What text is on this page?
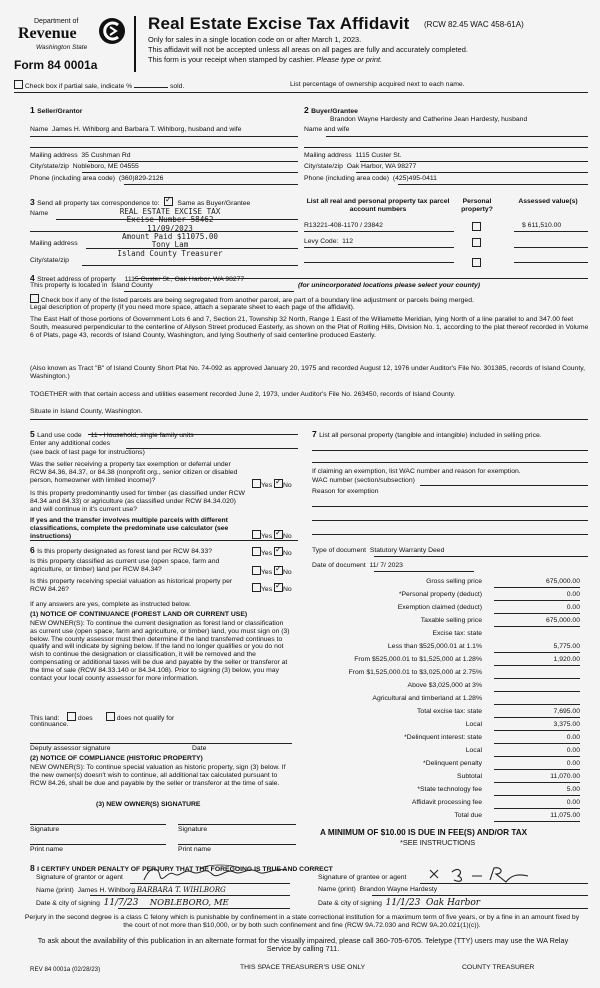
Department of
Revenue
Washington State
Form 84 0001a
Real Estate Excise Tax Affidavit (RCW 82.45 WAC 458-61A)
Only for sales in a single location code on or after March 1, 2023.
This affidavit will not be accepted unless all areas on all pages are fully and accurately completed.
This form is your receipt when stamped by cashier. Please type or print.
Check box if partial sale, indicate %	sold.	List percentage of ownership acquired next to each name.
1 Seller/Grantor
Name James H. Wihlborg and Barbara T. Wihlborg, husband and wife
Mailing address 35 Cushman Rd
City/state/zip Nobleboro, ME 04555
Phone (including area code) (360)829-2126
2 Buyer/Grantee
Brandon Wayne Hardesty and Catherine Jean Hardesty, husband
Name and wife
Mailing address 1115 Custer St.
City/state/zip Oak Harbor, WA 98277
Phone (including area code) (425)495-0411
3 Send all property tax correspondence to: ✓	Same as Buyer/Grantee
Name
Mailing address
City/state/zip
REAL ESTATE EXCISE TAX
Excise Number 58462
11/09/2023
Amount Paid $11075.00
Tony Lam
Island County Treasurer
List all real and personal property tax parcel account numbers
Personal property?
Assessed value(s)
R13221-408-1170 / 23842	$ 611,510.00
Levy Code: 112
4 Street address of property 1115 Custer St., Oak Harbor, WA 98277
This property is located in Island County	(for unincorporated locations please select your county)
Check box if any of the listed parcels are being segregated from another parcel, are part of a boundary line adjustment or parcels being merged.
Legal description of property (if you need more space, attach a separate sheet to each page of the affidavit).
The East Half of those portions of Government Lots 6 and 7, Section 21, Township 32 North, Range 1 East of the Willamette Meridian, lying North of a line parallel to and 347.00 feet South, measured perpendicular to the centerline of Allyson Street produced Easterly, as shown on the Plat of Rolling Hills, Division No. 1, according to the plat thereof recorded in Volume 6 of Plats, page 43, records of Island County, Washington, and lying Southerly of said centerline produced Easterly.
(Also known as Tract "B" of Island County Short Plat No. 74-092 as approved January 20, 1975 and recorded August 12, 1976 under Auditor's File No. 301385, records of Island County, Washington.)
TOGETHER with that certain access and utilities easement recorded June 2, 1973, under Auditor's File No. 263450, records of Island County.
Situate in Island County, Washington.
5 Land use code 11 - Household, single family units
Enter any additional codes
(see back of last page for instructions)
Was the seller receiving a property tax exemption or deferral under RCW 84.36, 84.37, or 84.38 (nonprofit org., senior citizen or disabled person, homeowner with limited income)?
Yes ✓ No
Is this property predominantly used for timber (as classified under RCW 84.34 and 84.33) or agriculture (as classified under RCW 84.34.020) and will continue in it's current use?
If yes and the transfer involves multiple parcels with different classifications, complete the predominate use calculator (see instructions)	Yes ✓ No
7 List all personal property (tangible and intangible) included in selling price.
If claiming an exemption, list WAC number and reason for exemption.
WAC number (section/subsection)
Reason for exemption
6 Is this property designated as forest land per RCW 84.33?	Yes ✓ No
Is this property classified as current use (open space, farm and agriculture, or timber) land per RCW 84.34?	Yes ✓ No
Is this property receiving special valuation as historical property per RCW 84.26?	Yes ✓ No
If any answers are yes, complete as instructed below.
(1) NOTICE OF CONTINUANCE (FOREST LAND OR CURRENT USE)
NEW OWNER(S): To continue the current designation as forest land or classification as current use (open space, farm and agriculture, or timber) land, you must sign on (3) below. The county assessor must then determine if the land transferred continues to qualify and will indicate by signing below. If the land no longer qualifies or you do not wish to continue the designation or classification, it will be removed and the compensating or additional taxes will be due and payable by the seller or transferor at the time of sale (RCW 84.33.140 or 84.34.108). Prior to signing (3) below, you may contact your local county assessor for more information.
This land:	does	does not qualify for
continuance.
Deputy assessor signature	Date
(2) NOTICE OF COMPLIANCE (HISTORIC PROPERTY)
NEW OWNER(S): To continue special valuation as historic property, sign (3) below. If the new owner(s) doesn't wish to continue, all additional tax calculated pursuant to RCW 84.26, shall be due and payable by the seller or transferor at the time of sale.
(3) NEW OWNER(S) SIGNATURE
Signature	Signature
Print name	Print name
Type of document Statutory Warranty Deed
Date of document 11/ 7/ 2023
Gross selling price	675,000.00
*Personal property (deduct)	0.00
Exemption claimed (deduct)	0.00
Taxable selling price	675,000.00
Excise tax: state
Less than $525,000.01 at 1.1%	5,775.00
From $525,000.01 to $1,525,000 at 1.28%	1,920.00
From $1,525,000.01 to $3,025,000 at 2.75%
Above $3,025,000 at 3%
Agricultural and timberland at 1.28%
Total excise tax: state	7,695.00
Local	3,375.00
*Delinquent interest: state	0.00
Local	0.00
*Delinquent penalty	0.00
Subtotal	11,070.00
*State technology fee	5.00
Affidavit processing fee	0.00
Total due	11,075.00
A MINIMUM OF $10.00 IS DUE IN FEE(S) AND/OR TAX
*SEE INSTRUCTIONS
8 I CERTIFY UNDER PENALTY OF PERJURY THAT THE FOREGOING IS TRUE AND CORRECT
Signature of grantor or agent
Name (print) James H. Wihlborg BARBARA T. WIHLBORG
Date & city of signing 11/7/23 NOBLEBORO, ME
Signature of grantee or agent
Name (print) Brandon Wayne Hardesty
Date & city of signing 11/1/23 Oak Harbor
Perjury in the second degree is a class C felony which is punishable by confinement in a state correctional institution for a maximum term of five years, or by a fine in an amount fixed by the court of not more than $10,000, or by both such confinement and fine (RCW 9A.72.030 and RCW 9A.20.021(1)(c)).
To ask about the availability of this publication in an alternate format for the visually impaired, please call 360-705-6705. Teletype (TTY) users may use the WA Relay Service by calling 711.
REV 84 0001a (02/28/23)	THIS SPACE TREASURER'S USE ONLY	COUNTY TREASURER
